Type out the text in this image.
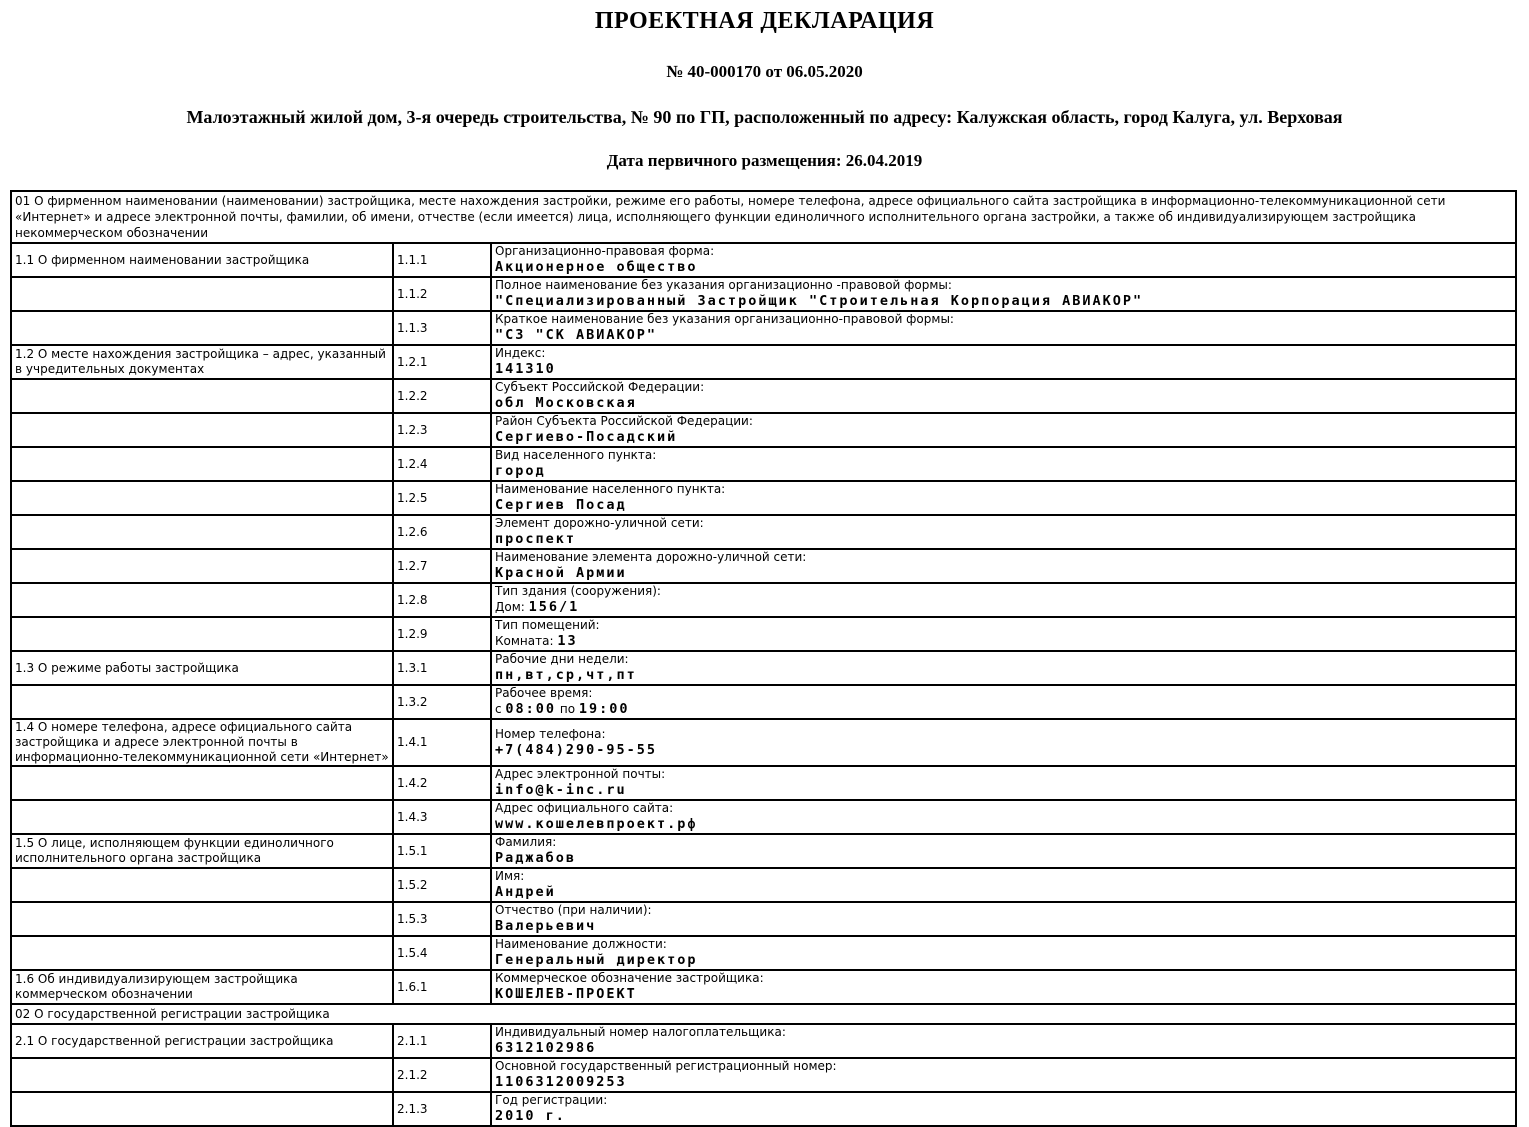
ПРОЕКТНАЯ ДЕКЛАРАЦИЯ
№ 40-000170 от 06.05.2020
Малоэтажный жилой дом, 3-я очередь строительства, № 90 по ГП, расположенный по адресу: Калужская область, город Калуга, ул. Верховая
Дата первичного размещения: 26.04.2019
01 О фирменном наименовании (наименовании) застройщика, месте нахождения застройки, режиме его работы, номере телефона, адресе официального сайта застройщика в информационно-телекоммуникационной сети «Интернет» и адресе электронной почты, фамилии, об имени, отчестве (если имеется) лица, исполняющего функции единоличного исполнительного органа застройки, а также об индивидуализирующем застройщика некоммерческом обозначении		
1.1 О фирменном наименовании застройщика	1.1.1	Организационно-правовая форма:
Акционерное общество

	1.1.2	Полное наименование без указания организационно -правовой формы:
"Специализированный Застройщик "Строительная Корпорация АВИАКОР"

	1.1.3	Краткое наименование без указания организационно-правовой формы:
"СЗ "СК АВИАКОР"

1.2 О месте нахождения застройщика – адрес, указанный в учредительных документах	1.2.1	Индекс:
141310

	1.2.2	Субъект Российской Федерации:
обл Московская

	1.2.3	Район Субъекта Российской Федерации:
Сергиево-Посадский

	1.2.4	Вид населенного пункта:
город

	1.2.5	Наименование населенного пункта:
Сергиев Посад

	1.2.6	Элемент дорожно-уличной сети:
проспект

	1.2.7	Наименование элемента дорожно-уличной сети:
Красной Армии

	1.2.8	Тип здания (сооружения):
Дом: 156/1

	1.2.9	Тип помещений:
Комната: 13

1.3 О режиме работы застройщика	1.3.1	Рабочие дни недели:
пн,вт,ср,чт,пт

	1.3.2	Рабочее время:
с 08:00 по 19:00

1.4 О номере телефона, адресе официального сайта застройщика и адресе электронной почты в информационно-телекоммуникационной сети «Интернет»	1.4.1	Номер телефона:
+7(484)290-95-55

	1.4.2	Адрес электронной почты:
info@k-inc.ru

	1.4.3	Адрес официального сайта:
www.кошелевпроект.рф

1.5 О лице, исполняющем функции единоличного исполнительного органа застройщика	1.5.1	Фамилия:
Раджабов

	1.5.2	Имя:
Андрей

	1.5.3	Отчество (при наличии):
Валерьевич

	1.5.4	Наименование должности:
Генеральный директор

1.6 Об индивидуализирующем застройщика коммерческом обозначении	1.6.1	Коммерческое обозначение застройщика:
КОШЕЛЕВ-ПРОЕКТ

02 О государственной регистрации застройщика		
2.1 О государственной регистрации застройщика	2.1.1	Индивидуальный номер налогоплательщика:
6312102986

	2.1.2	Основной государственный регистрационный номер:
1106312009253

	2.1.3	Год регистрации:
2010 г.
